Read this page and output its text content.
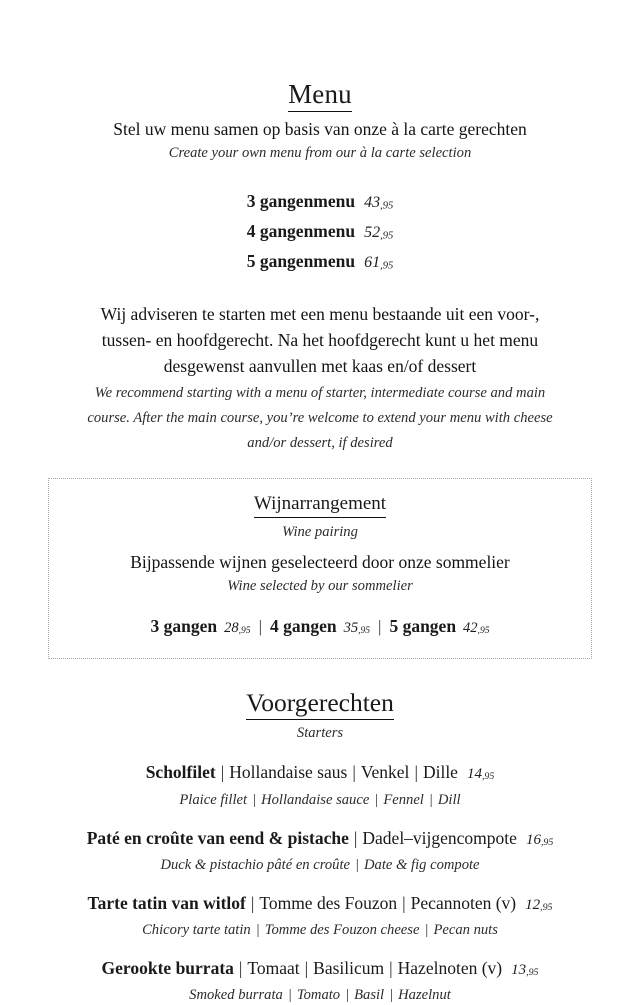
Menu
Stel uw menu samen op basis van onze à la carte gerechten
Create your own menu from our à la carte selection
3 gangenmenu 43,95
4 gangenmenu 52,95
5 gangenmenu 61,95
Wij adviseren te starten met een menu bestaande uit een voor-,
tussen- en hoofdgerecht. Na het hoofdgerecht kunt u het menu
desgewenst aanvullen met kaas en/of dessert
We recommend starting with a menu of starter, intermediate course and main
course. After the main course, you’re welcome to extend your menu with cheese
and/or dessert, if desired
Wijnarrangement
Wine pairing
Bijpassende wijnen geselecteerd door onze sommelier
Wine selected by our sommelier
3 gangen 28,95 | 4 gangen 35,95 | 5 gangen 42,95
Voorgerechten
Starters
Scholfilet | Hollandaise saus | Venkel | Dille 14,95
Plaice fillet | Hollandaise sauce | Fennel | Dill
Paté en croûte van eend & pistache | Dadel–vijgencompote 16,95
Duck & pistachio pâté en croûte | Date & fig compote
Tarte tatin van witlof | Tomme des Fouzon | Pecannoten (v) 12,95
Chicory tarte tatin | Tomme des Fouzon cheese | Pecan nuts
Gerookte burrata | Tomaat | Basilicum | Hazelnoten (v) 13,95
Smoked burrata | Tomato | Basil | Hazelnut
